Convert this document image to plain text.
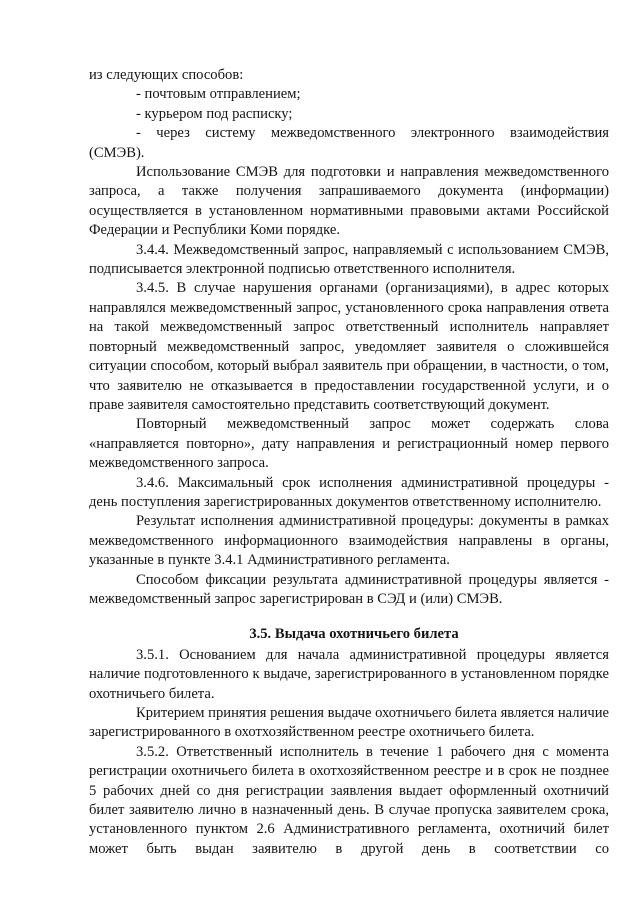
из следующих способов:

- почтовым отправлением;

- курьером под расписку;

- через систему межведомственного электронного взаимодействия (СМЭВ).

Использование СМЭВ для подготовки и направления межведомственного запроса, а также получения запрашиваемого документа (информации) осуществляется в установленном нормативными правовыми актами Российской Федерации и Республики Коми порядке.

3.4.4. Межведомственный запрос, направляемый с использованием СМЭВ, подписывается электронной подписью ответственного исполнителя.

3.4.5. В случае нарушения органами (организациями), в адрес которых направлялся межведомственный запрос, установленного срока направления ответа на такой межведомственный запрос ответственный исполнитель направляет повторный межведомственный запрос, уведомляет заявителя о сложившейся ситуации способом, который выбрал заявитель при обращении, в частности, о том, что заявителю не отказывается в предоставлении государственной услуги, и о праве заявителя самостоятельно представить соответствующий документ.

Повторный межведомственный запрос может содержать слова «направляется повторно», дату направления и регистрационный номер первого межведомственного запроса.

3.4.6. Максимальный срок исполнения административной процедуры - день поступления зарегистрированных документов ответственному исполнителю.

Результат исполнения административной процедуры: документы в рамках межведомственного информационного взаимодействия направлены в органы, указанные в пункте 3.4.1 Административного регламента.

Способом фиксации результата административной процедуры является - межведомственный запрос зарегистрирован в СЭД и (или) СМЭВ.

3.5. Выдача охотничьего билета

3.5.1. Основанием для начала административной процедуры является наличие подготовленного к выдаче, зарегистрированного в установленном порядке охотничьего билета.

Критерием принятия решения выдаче охотничьего билета является наличие зарегистрированного в охотхозяйственном реестре охотничьего билета.

3.5.2. Ответственный исполнитель в течение 1 рабочего дня с момента регистрации охотничьего билета в охотхозяйственном реестре и в срок не позднее 5 рабочих дней со дня регистрации заявления выдает оформленный охотничий билет заявителю лично в назначенный день. В случае пропуска заявителем срока, установленного пунктом 2.6 Административного регламента, охотничий билет может быть выдан заявителю в другой день в соответствии со
